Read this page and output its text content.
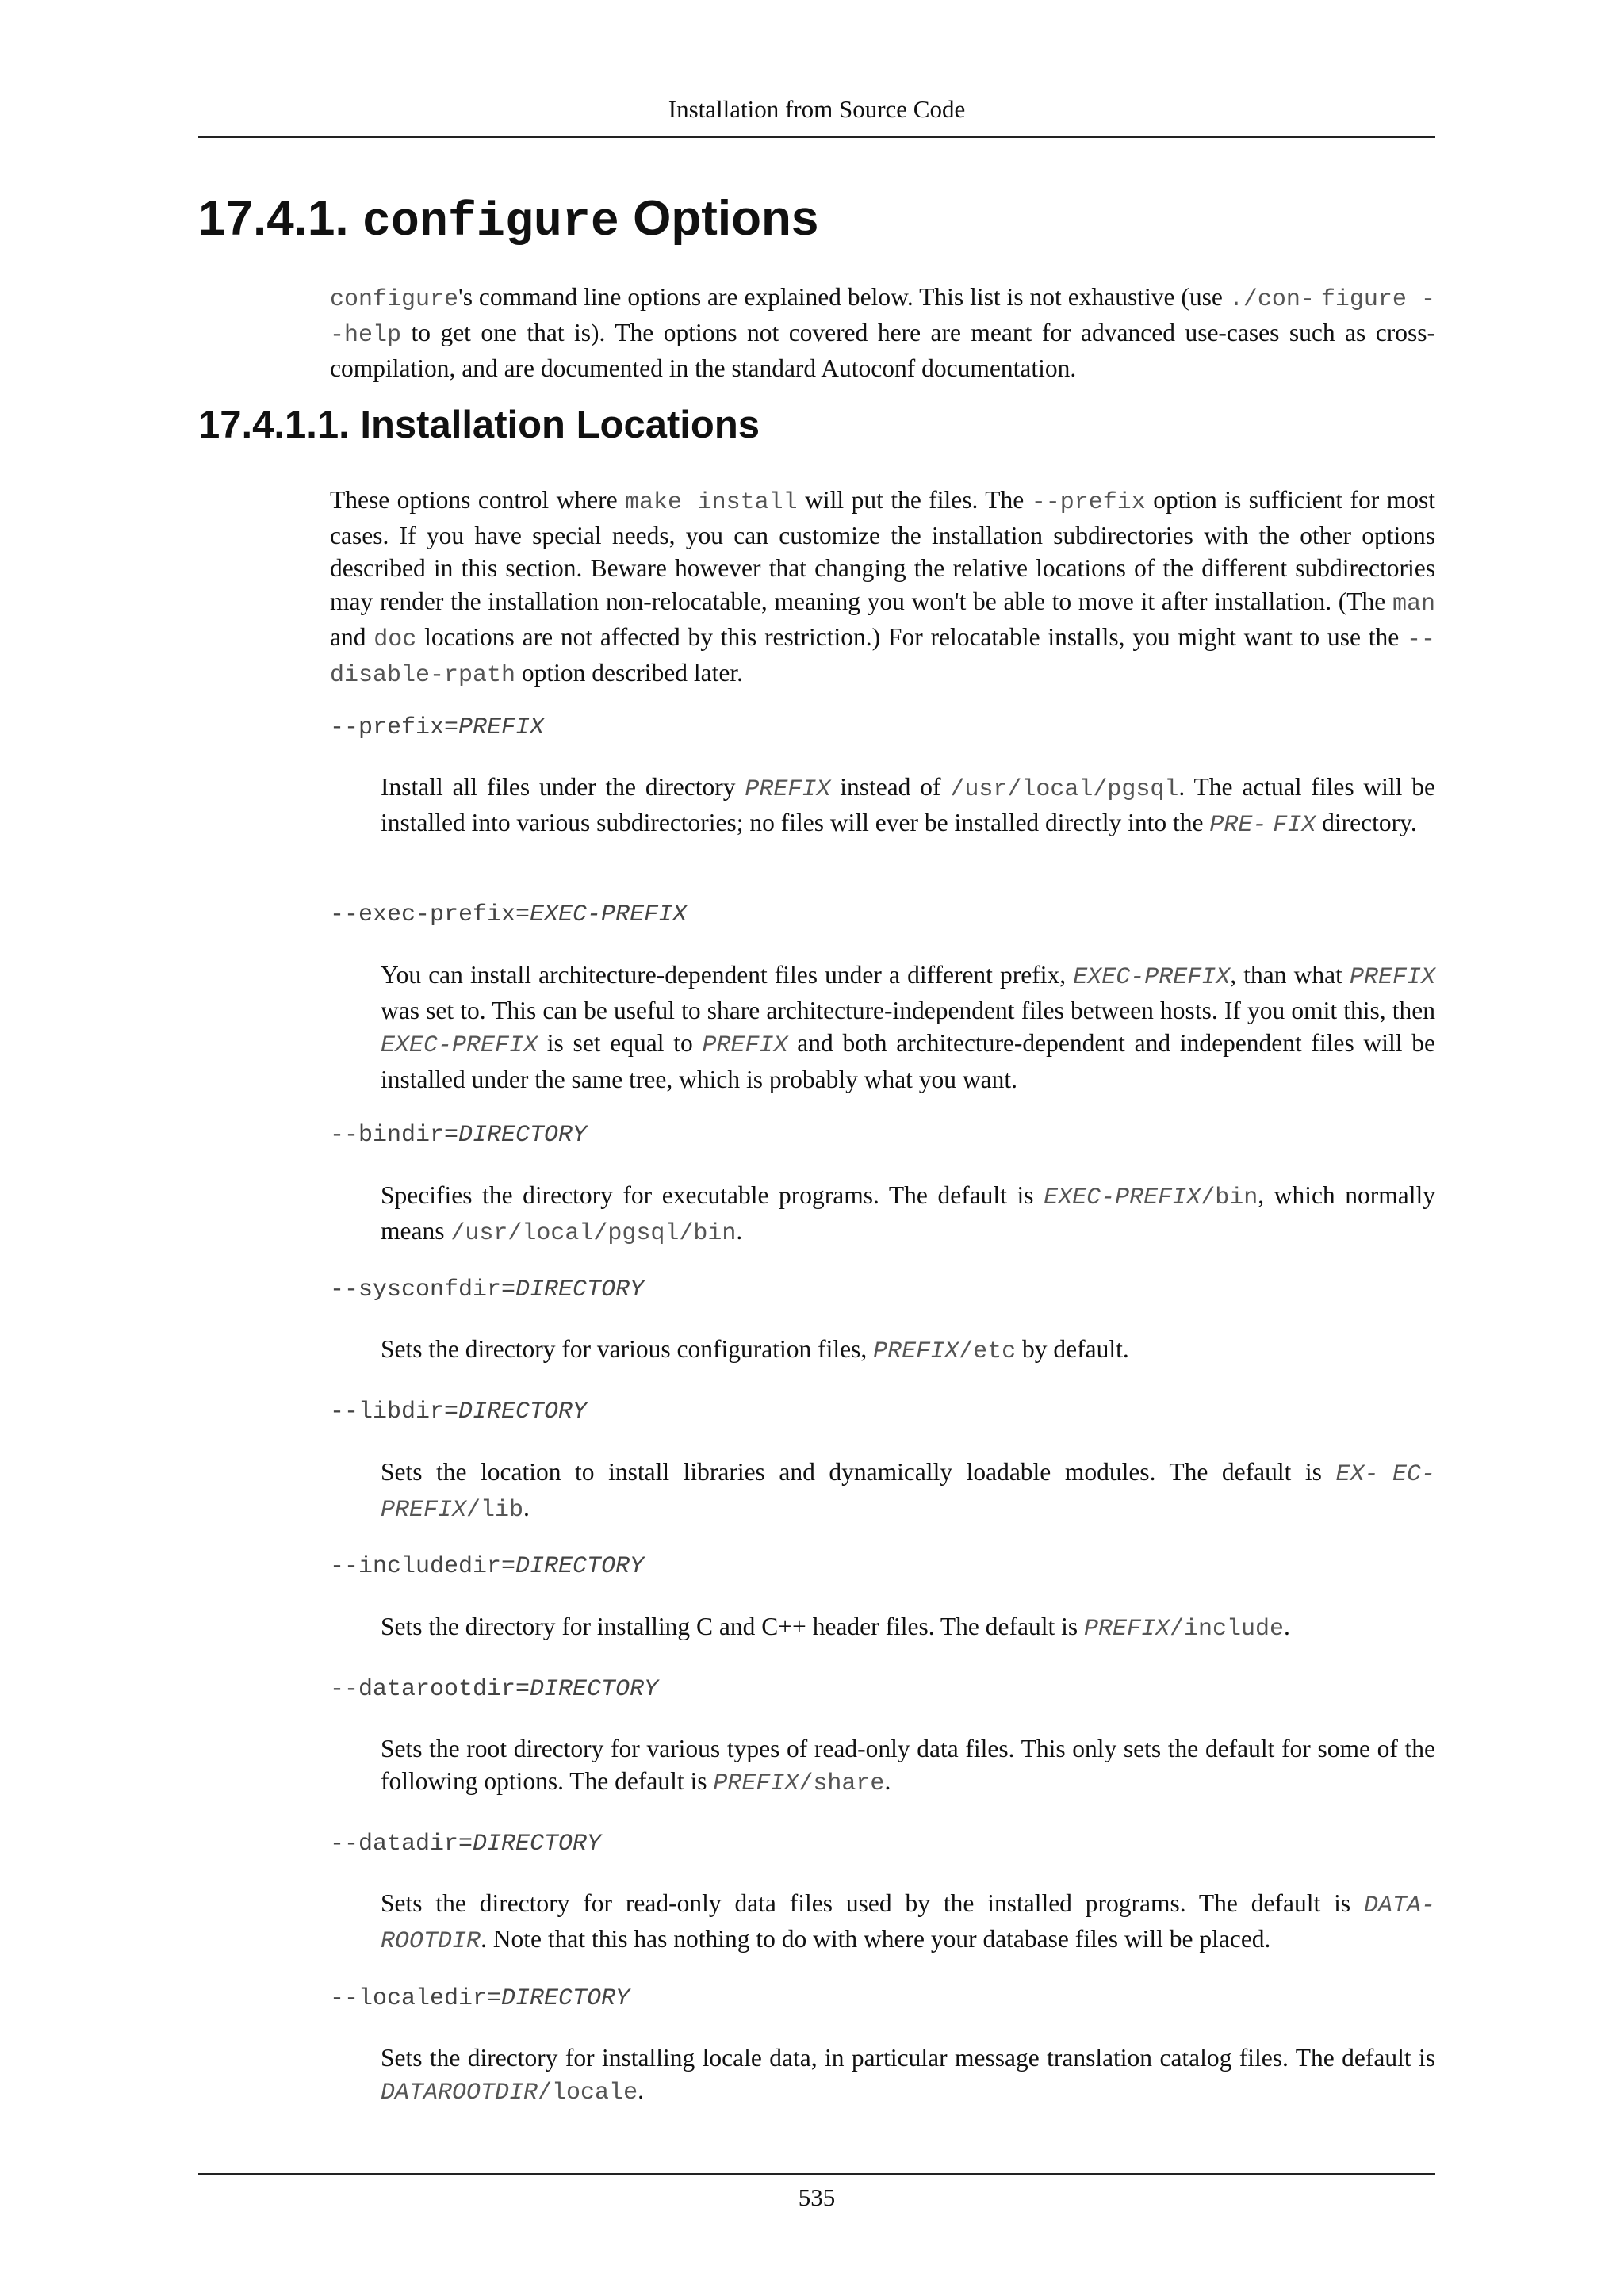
Installation from Source Code
17.4.1. configure Options
configure's command line options are explained below. This list is not exhaustive (use ./con- figure --help to get one that is). The options not covered here are meant for advanced use-cases such as cross-compilation, and are documented in the standard Autoconf documentation.
17.4.1.1. Installation Locations
These options control where make install will put the files. The --prefix option is sufficient for most cases. If you have special needs, you can customize the installation subdirectories with the other options described in this section. Beware however that changing the relative locations of the different subdirectories may render the installation non-relocatable, meaning you won't be able to move it after installation. (The man and doc locations are not affected by this restriction.) For relocatable installs, you might want to use the --disable-rpath option described later.
--prefix=PREFIX
Install all files under the directory PREFIX instead of /usr/local/pgsql. The actual files will be installed into various subdirectories; no files will ever be installed directly into the PRE- FIX directory.
--exec-prefix=EXEC-PREFIX
You can install architecture-dependent files under a different prefix, EXEC-PREFIX, than what PREFIX was set to. This can be useful to share architecture-independent files between hosts. If you omit this, then EXEC-PREFIX is set equal to PREFIX and both architecture-dependent and independent files will be installed under the same tree, which is probably what you want.
--bindir=DIRECTORY
Specifies the directory for executable programs. The default is EXEC-PREFIX/bin, which normally means /usr/local/pgsql/bin.
--sysconfdir=DIRECTORY
Sets the directory for various configuration files, PREFIX/etc by default.
--libdir=DIRECTORY
Sets the location to install libraries and dynamically loadable modules. The default is EX- EC-PREFIX/lib.
--includedir=DIRECTORY
Sets the directory for installing C and C++ header files. The default is PREFIX/include.
--datarootdir=DIRECTORY
Sets the root directory for various types of read-only data files. This only sets the default for some of the following options. The default is PREFIX/share.
--datadir=DIRECTORY
Sets the directory for read-only data files used by the installed programs. The default is DATA- ROOTDIR. Note that this has nothing to do with where your database files will be placed.
--localedir=DIRECTORY
Sets the directory for installing locale data, in particular message translation catalog files. The default is DATAROOTDIR/locale.
535
